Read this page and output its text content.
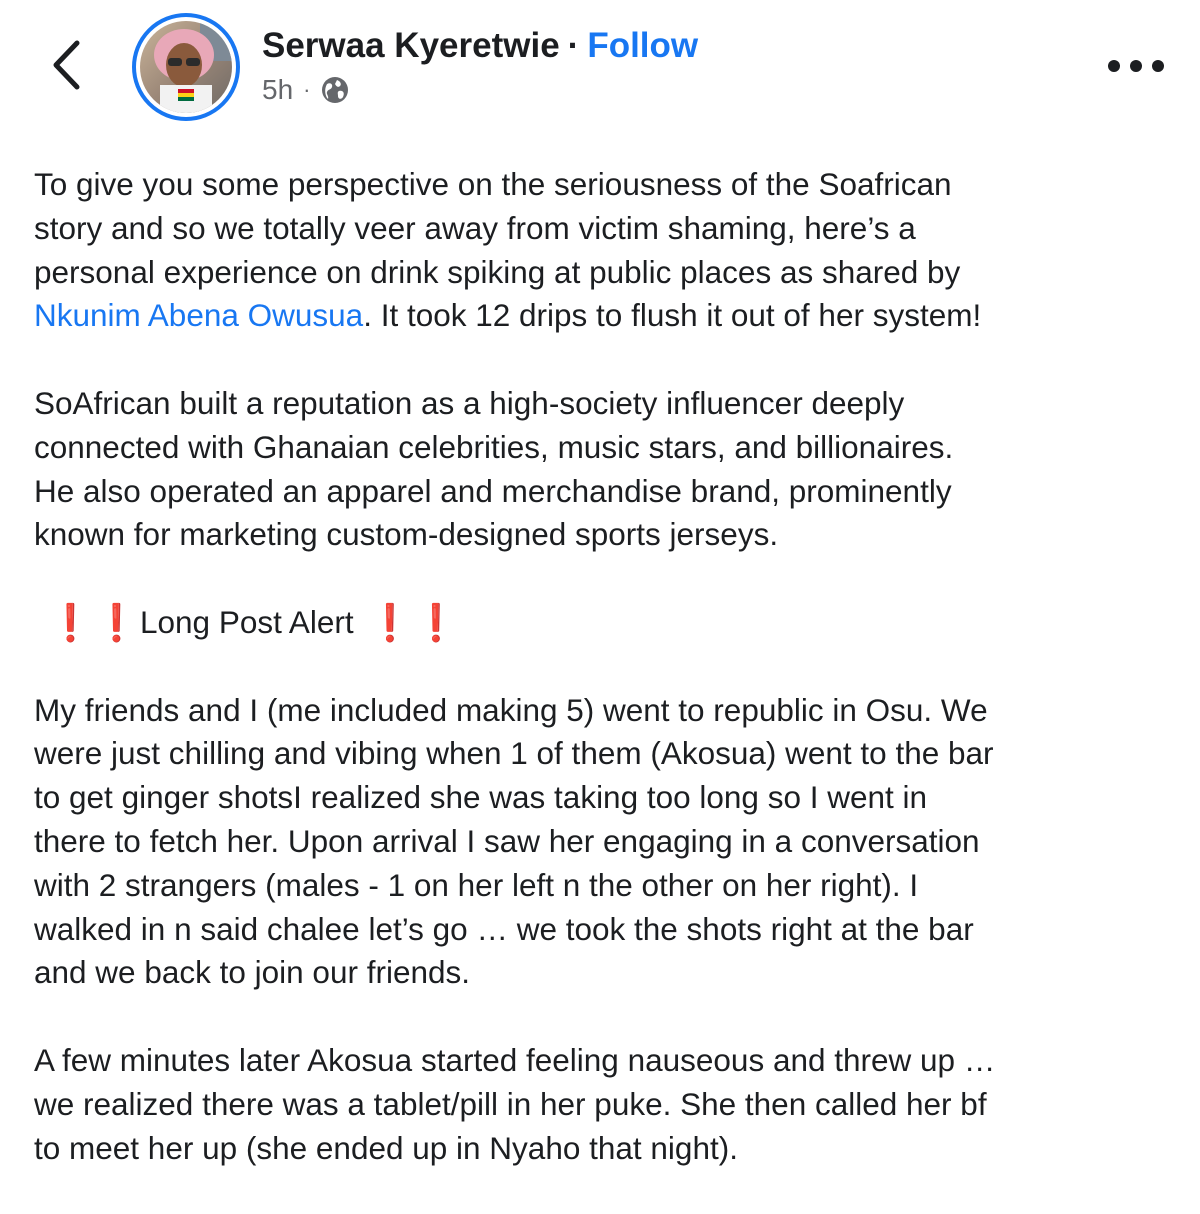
Serwaa Kyeretwie · Follow
5h ·

To give you some perspective on the seriousness of the Soafrican
story and so we totally veer away from victim shaming, here’s a
personal experience on drink spiking at public places as shared by
Nkunim Abena Owusua. It took 12 drips to flush it out of her system!

SoAfrican built a reputation as a high-society influencer deeply
connected with Ghanaian celebrities, music stars, and billionaires.
He also operated an apparel and merchandise brand, prominently
known for marketing custom-designed sports jerseys.

❗ ❗ Long Post Alert ❗ ❗

My friends and I (me included making 5) went to republic in Osu. We
were just chilling and vibing when 1 of them (Akosua) went to the bar
to get ginger shotsI realized she was taking too long so I went in
there to fetch her. Upon arrival I saw her engaging in a conversation
with 2 strangers (males - 1 on her left n the other on her right). I
walked in n said chalee let’s go … we took the shots right at the bar
and we back to join our friends.

A few minutes later Akosua started feeling nauseous and threw up …
we realized there was a tablet/pill in her puke. She then called her bf
to meet her up (she ended up in Nyaho that night).
